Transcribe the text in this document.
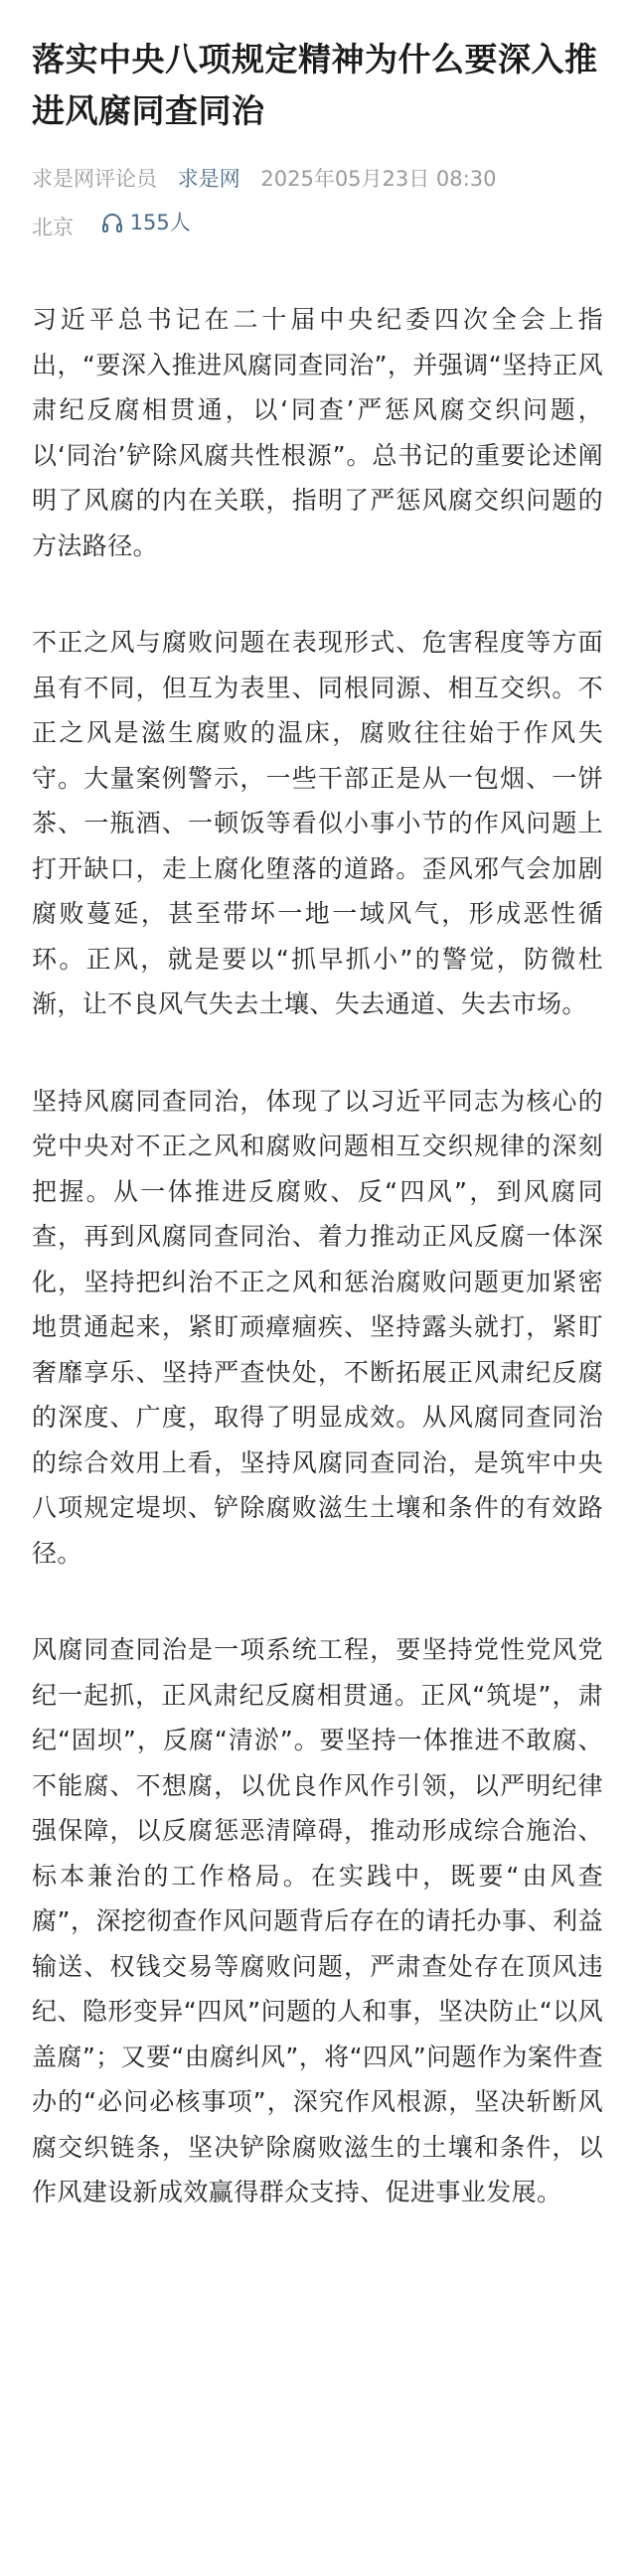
落实中央八项规定精神为什么要深入推进风腐同查同治
求是网评论员 求是网 2025年05月23日 08:30
北京	155人

习近平总书记在二十届中央纪委四次全会上指出，“要深入推进风腐同查同治”，并强调“坚持正风肃纪反腐相贯通，以‘同查’严惩风腐交织问题，以‘同治’铲除风腐共性根源”。总书记的重要论述阐明了风腐的内在关联，指明了严惩风腐交织问题的方法路径。

不正之风与腐败问题在表现形式、危害程度等方面虽有不同，但互为表里、同根同源、相互交织。不正之风是滋生腐败的温床，腐败往往始于作风失守。大量案例警示，一些干部正是从一包烟、一饼茶、一瓶酒、一顿饭等看似小事小节的作风问题上打开缺口，走上腐化堕落的道路。歪风邪气会加剧腐败蔓延，甚至带坏一地一域风气，形成恶性循环。正风，就是要以“抓早抓小”的警觉，防微杜渐，让不良风气失去土壤、失去通道、失去市场。

坚持风腐同查同治，体现了以习近平同志为核心的党中央对不正之风和腐败问题相互交织规律的深刻把握。从一体推进反腐败、反“四风”，到风腐同查，再到风腐同查同治、着力推动正风反腐一体深化，坚持把纠治不正之风和惩治腐败问题更加紧密地贯通起来，紧盯顽瘴痼疾、坚持露头就打，紧盯奢靡享乐、坚持严查快处，不断拓展正风肃纪反腐的深度、广度，取得了明显成效。从风腐同查同治的综合效用上看，坚持风腐同查同治，是筑牢中央八项规定堤坝、铲除腐败滋生土壤和条件的有效路径。

风腐同查同治是一项系统工程，要坚持党性党风党纪一起抓，正风肃纪反腐相贯通。正风“筑堤”，肃纪“固坝”，反腐“清淤”。要坚持一体推进不敢腐、不能腐、不想腐，以优良作风作引领，以严明纪律强保障，以反腐惩恶清障碍，推动形成综合施治、标本兼治的工作格局。在实践中，既要“由风查腐”，深挖彻查作风问题背后存在的请托办事、利益输送、权钱交易等腐败问题，严肃查处存在顶风违纪、隐形变异“四风”问题的人和事，坚决防止“以风盖腐”；又要“由腐纠风”，将“四风”问题作为案件查办的“必问必核事项”，深究作风根源，坚决斩断风腐交织链条，坚决铲除腐败滋生的土壤和条件，以作风建设新成效赢得群众支持、促进事业发展。
